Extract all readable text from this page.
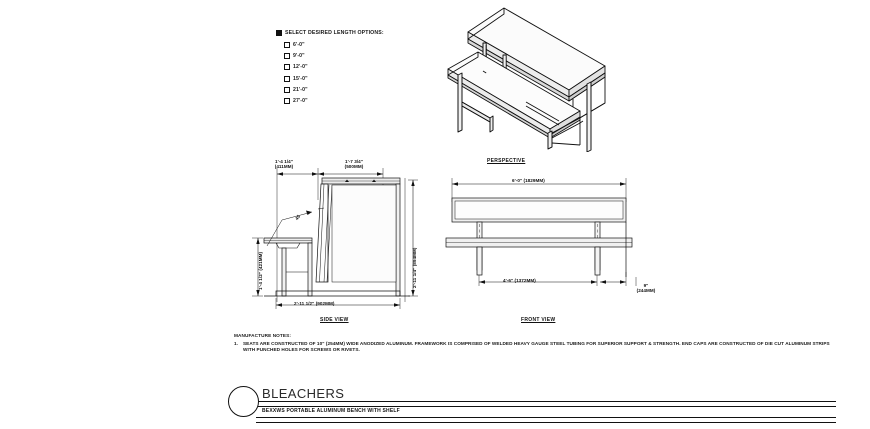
SELECT DESIRED LENGTH OPTIONS:
6'-0"
9'-0"
12'-0"
15'-0"
21'-0"
27'-0"
PERSPECTIVE
1'-4 1/4"
(411MM)
1'-7 3/4"
(500MM)
1'-4 1/2" (421MM)	2'-11 1/4" (894MM)
2'-11 1/2" (902MM)
45
SIDE VIEW
6'-0" (1829MM)
4'-6" (1372MM)
9"
(244MM)
FRONT VIEW
MANUFACTURE NOTES:
1.	SEATS ARE CONSTRUCTED OF 10" (254MM) WIDE ANODIZED ALUMINUM. FRAMEWORK IS COMPRISED OF WELDED HEAVY GAUGE STEEL TUBING FOR SUPERIOR SUPPORT & STRENGTH. END CAPS ARE CONSTRUCTED OF DIE CUT ALUMINUM STRIPS WITH PUNCHED HOLES FOR SCREWS OR RIVETS.
BLEACHERS
BEXXWS PORTABLE ALUMINUM BENCH WITH SHELF
